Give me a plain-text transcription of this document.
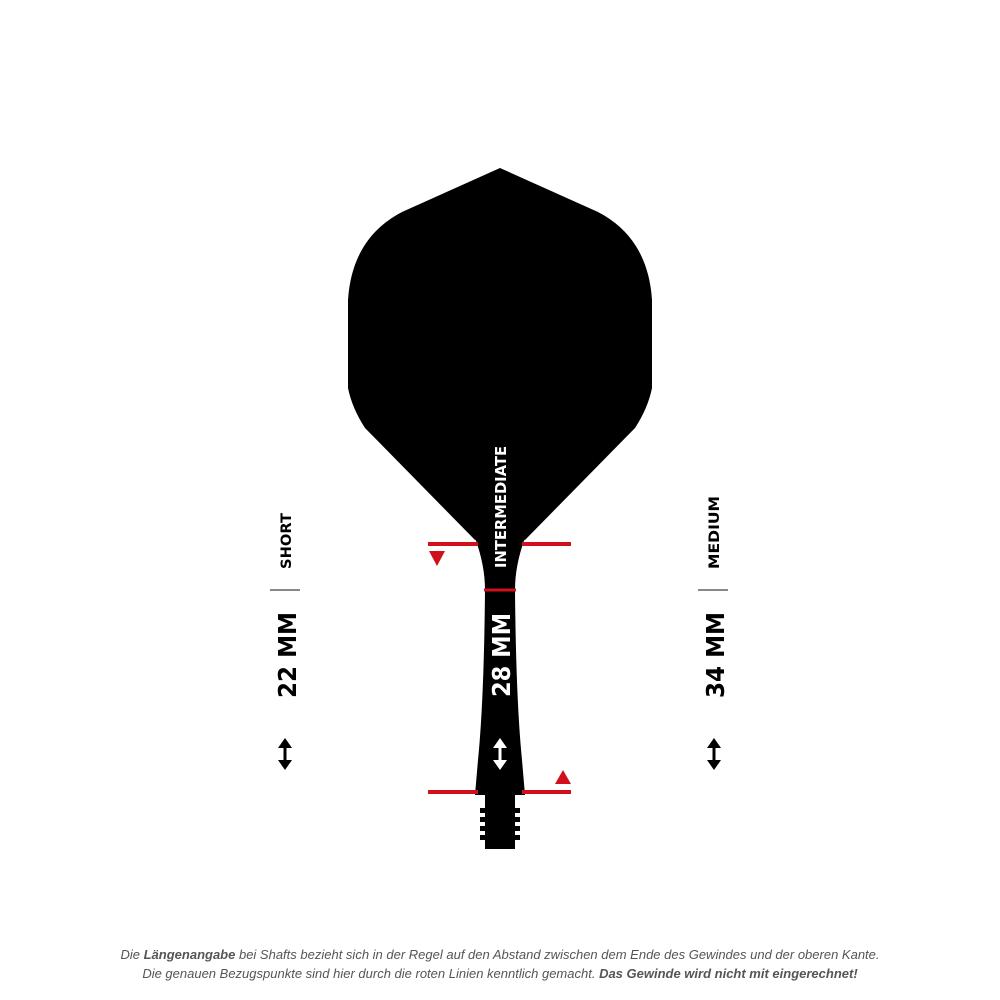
SHORT
22 MM
INTERMEDIATE
28 MM
MEDIUM
34 MM
Die Längenangabe bei Shafts bezieht sich in der Regel auf den Abstand zwischen dem Ende des Gewindes und der oberen Kante.
Die genauen Bezugspunkte sind hier durch die roten Linien kenntlich gemacht. Das Gewinde wird nicht mit eingerechnet!
